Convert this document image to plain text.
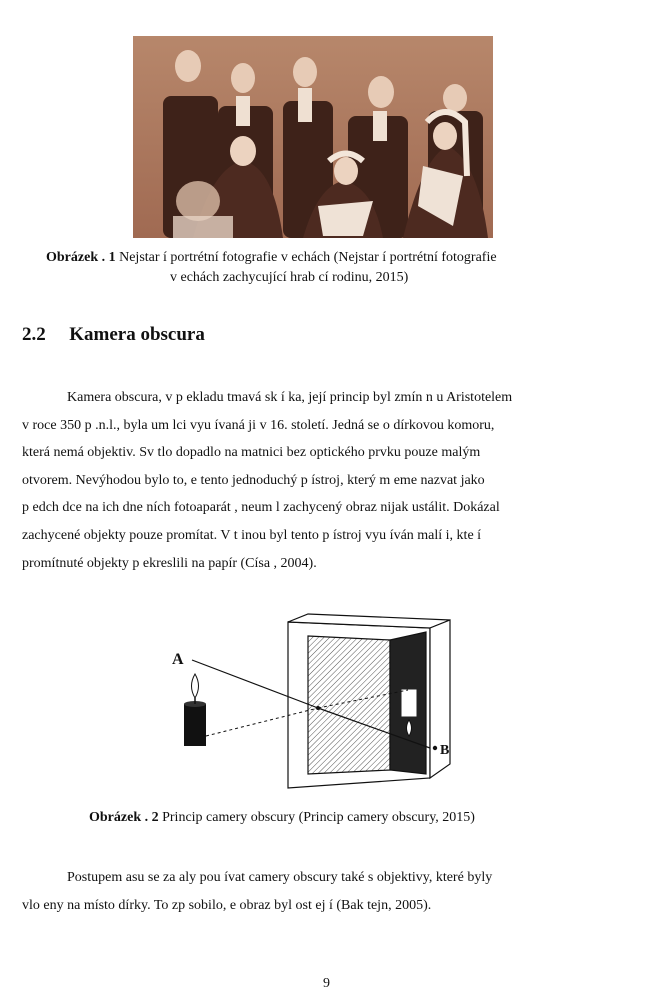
Obrázek . 1 Nejstar í portrétní fotografie v echách (Nejstar í portrétní fotografie
v echách zachycující hrab cí rodinu, 2015)
2.2 Kamera obscura
Kamera obscura, v p ekladu tmavá sk í ka, její princip byl zmín n u Aristotelem
v roce 350 p .n.l., byla um lci vyu ívaná ji v 16. století. Jedná se o dírkovou komoru,
která nemá objektiv. Sv tlo dopadlo na matnici bez optického prvku pouze malým
otvorem. Nevýhodou bylo to, e tento jednoduchý p ístroj, který m eme nazvat jako
p edch dce na ich dne ních fotoaparát , neum l zachycený obraz nijak ustálit. Dokázal
zachycené objekty pouze promítat. V t inou byl tento p ístroj vyu íván malí i, kte í
promítnuté objekty p ekreslili na papír (Císa , 2004).
A
B
Obrázek . 2 Princip camery obscury (Princip camery obscury, 2015)
Postupem asu se za aly pou ívat camery obscury také s objektivy, které byly
vlo eny na místo dírky. To zp sobilo, e obraz byl ost ej í (Bak tejn, 2005).
9
